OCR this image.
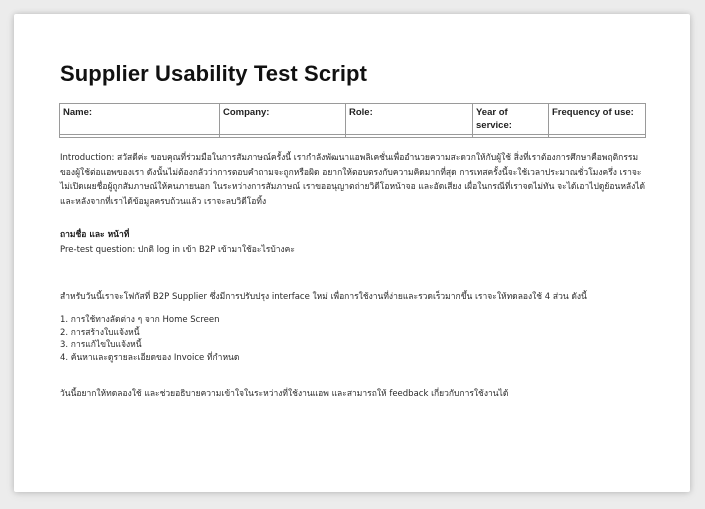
Supplier Usability Test Script
Name:	Company:	Role:	Year of service:	Frequency of use:

Introduction: สวัสดีค่ะ ขอบคุณที่ร่วมมือในการสัมภาษณ์ครั้งนี้ เรากำลังพัฒนาแอพลิเคชั่นเพื่ออำนวยความสะดวกให้กับผู้ใช้ สิ่งที่เราต้องการศึกษาคือพฤติกรรมของผู้ใช้ต่อแอพของเรา ดังนั้นไม่ต้องกลัวว่าการตอบคำถามจะถูกหรือผิด อยากให้ตอบตรงกับความคิดมากที่สุด การเทสครั้งนี้จะใช้เวลาประมาณชั่วโมงครึ่ง เราจะไม่เปิดเผยชื่อผู้ถูกสัมภาษณ์ให้คนภายนอก ในระหว่างการสัมภาษณ์ เราขออนุญาตถ่ายวิดีโอหน้าจอ และอัดเสียง เผื่อในกรณีที่เราจดไม่ทัน จะได้เอาไปดูย้อนหลังได้ และหลังจากที่เราได้ข้อมูลครบถ้วนแล้ว เราจะลบวิดีโอทิ้ง

ถามชื่อ และ หน้าที่

Pre-test question: ปกติ log in เข้า B2P เข้ามาใช้อะไรบ้างคะ

สำหรับวันนี้เราจะโฟกัสที่ B2P Supplier ซึ่งมีการปรับปรุง interface ใหม่ เพื่อการใช้งานที่ง่ายและรวดเร็วมากขึ้น เราจะให้ทดลองใช้ 4 ส่วน ดังนี้

1. การใช้ทางลัดต่าง ๆ จาก Home Screen
2. การสร้างใบแจ้งหนี้
3. การแก้ไขใบแจ้งหนี้
4. ค้นหาและดูรายละเอียดของ Invoice ที่กำหนด

วันนี้อยากให้ทดลองใช้ และช่วยอธิบายความเข้าใจในระหว่างที่ใช้งานแอพ และสามารถให้ feedback เกี่ยวกับการใช้งานได้
